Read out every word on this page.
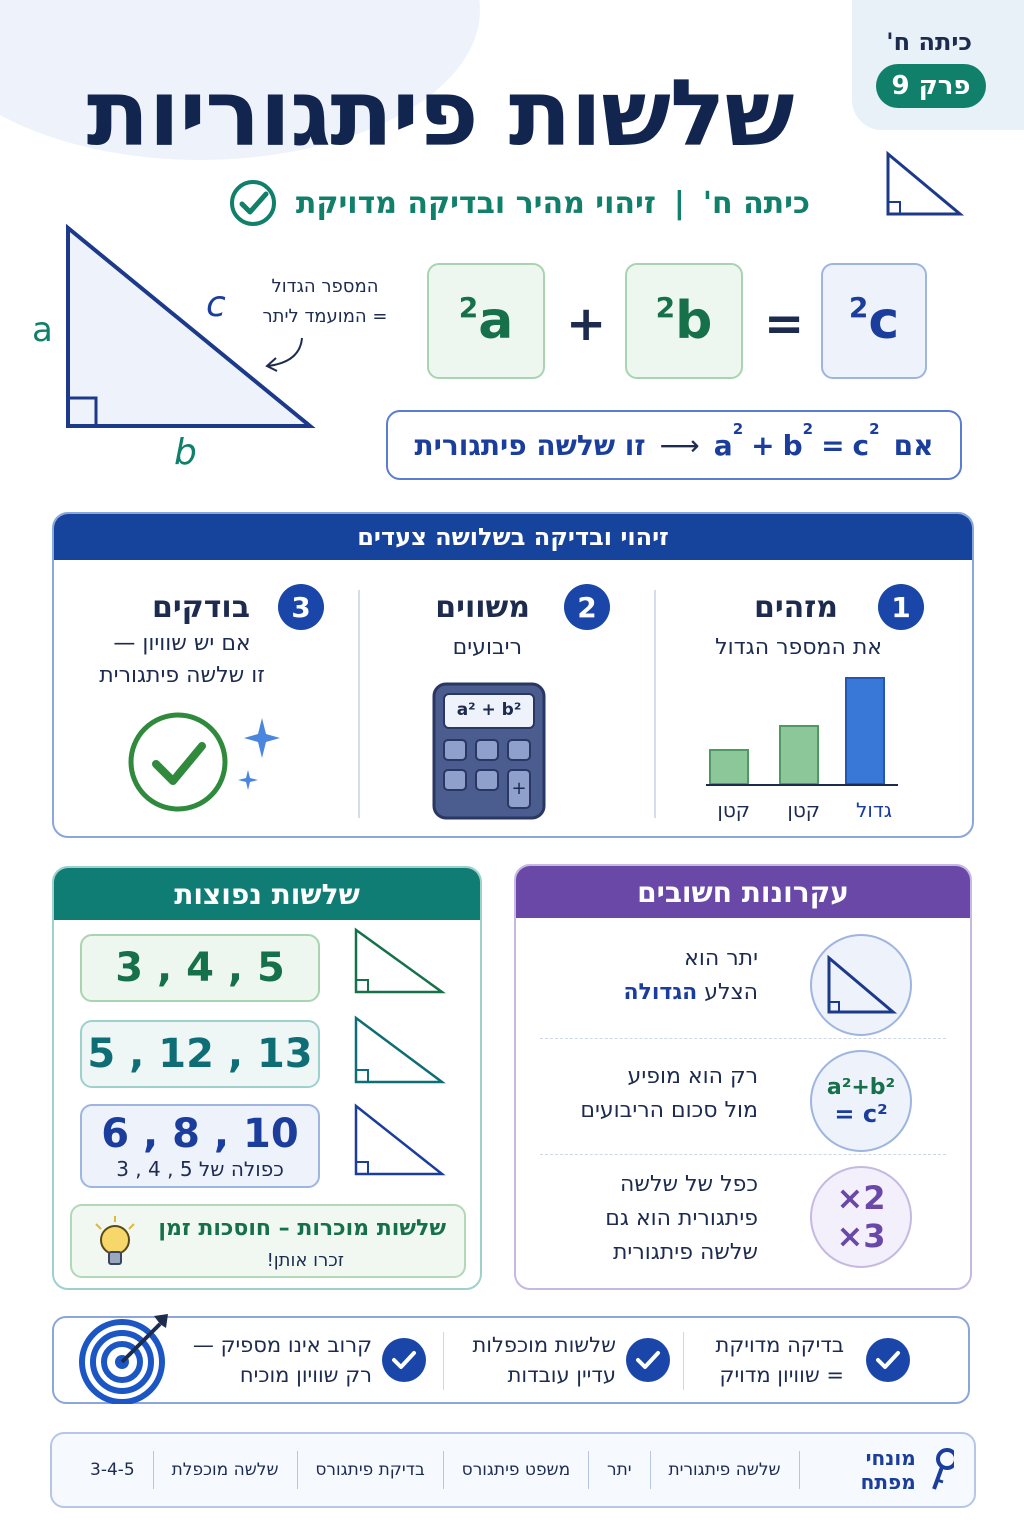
כיתה ח'
פרק 9
שלשות פיתגוריות
כיתה ח'
|
זיהוי מהיר ובדיקה מדויקת
a
b
c	המספר הגדול
= המועמד ליתר a
$^2$ + b
$^2$ = c
$^2$
אם
$a^2 + b^2 = c^2$
⟶
זו שלשה פיתגורית
זיהוי ובדיקה בשלושה צעדים
1
מזהים
את המספר הגדול
גדול
קטן
קטן
2
משווים
ריבועים
a² + b²
+
3
בודקים
אם יש שוויון —
זו שלשה פיתגורית
עקרונות חשובים
יתר הוא
הצלע הגדולה
a²+b²
= c²
רק הוא מופיע
מול סכום הריבועים
×2
×3
כפל של שלשה
פיתגורית הוא גם
שלשה פיתגורית
שלשות נפוצות
3 , 4 , 5
5 , 12 , 13
6 , 8 , 10
כפולה של 5 , 4 , 3
שלשות מוכרות – חוסכות זמן
זכרו אותן!
בדיקה מדויקת
= שוויון מדויק
שלשות מוכפלות
עדיין עובדות
קרוב אינו מספיק —
רק שוויון מוכיח
מונחי מפתח
שלשה פיתגורית
יתר
משפט פיתגורס
בדיקת פיתגורס
שלשה מוכפלת
3-4-5
